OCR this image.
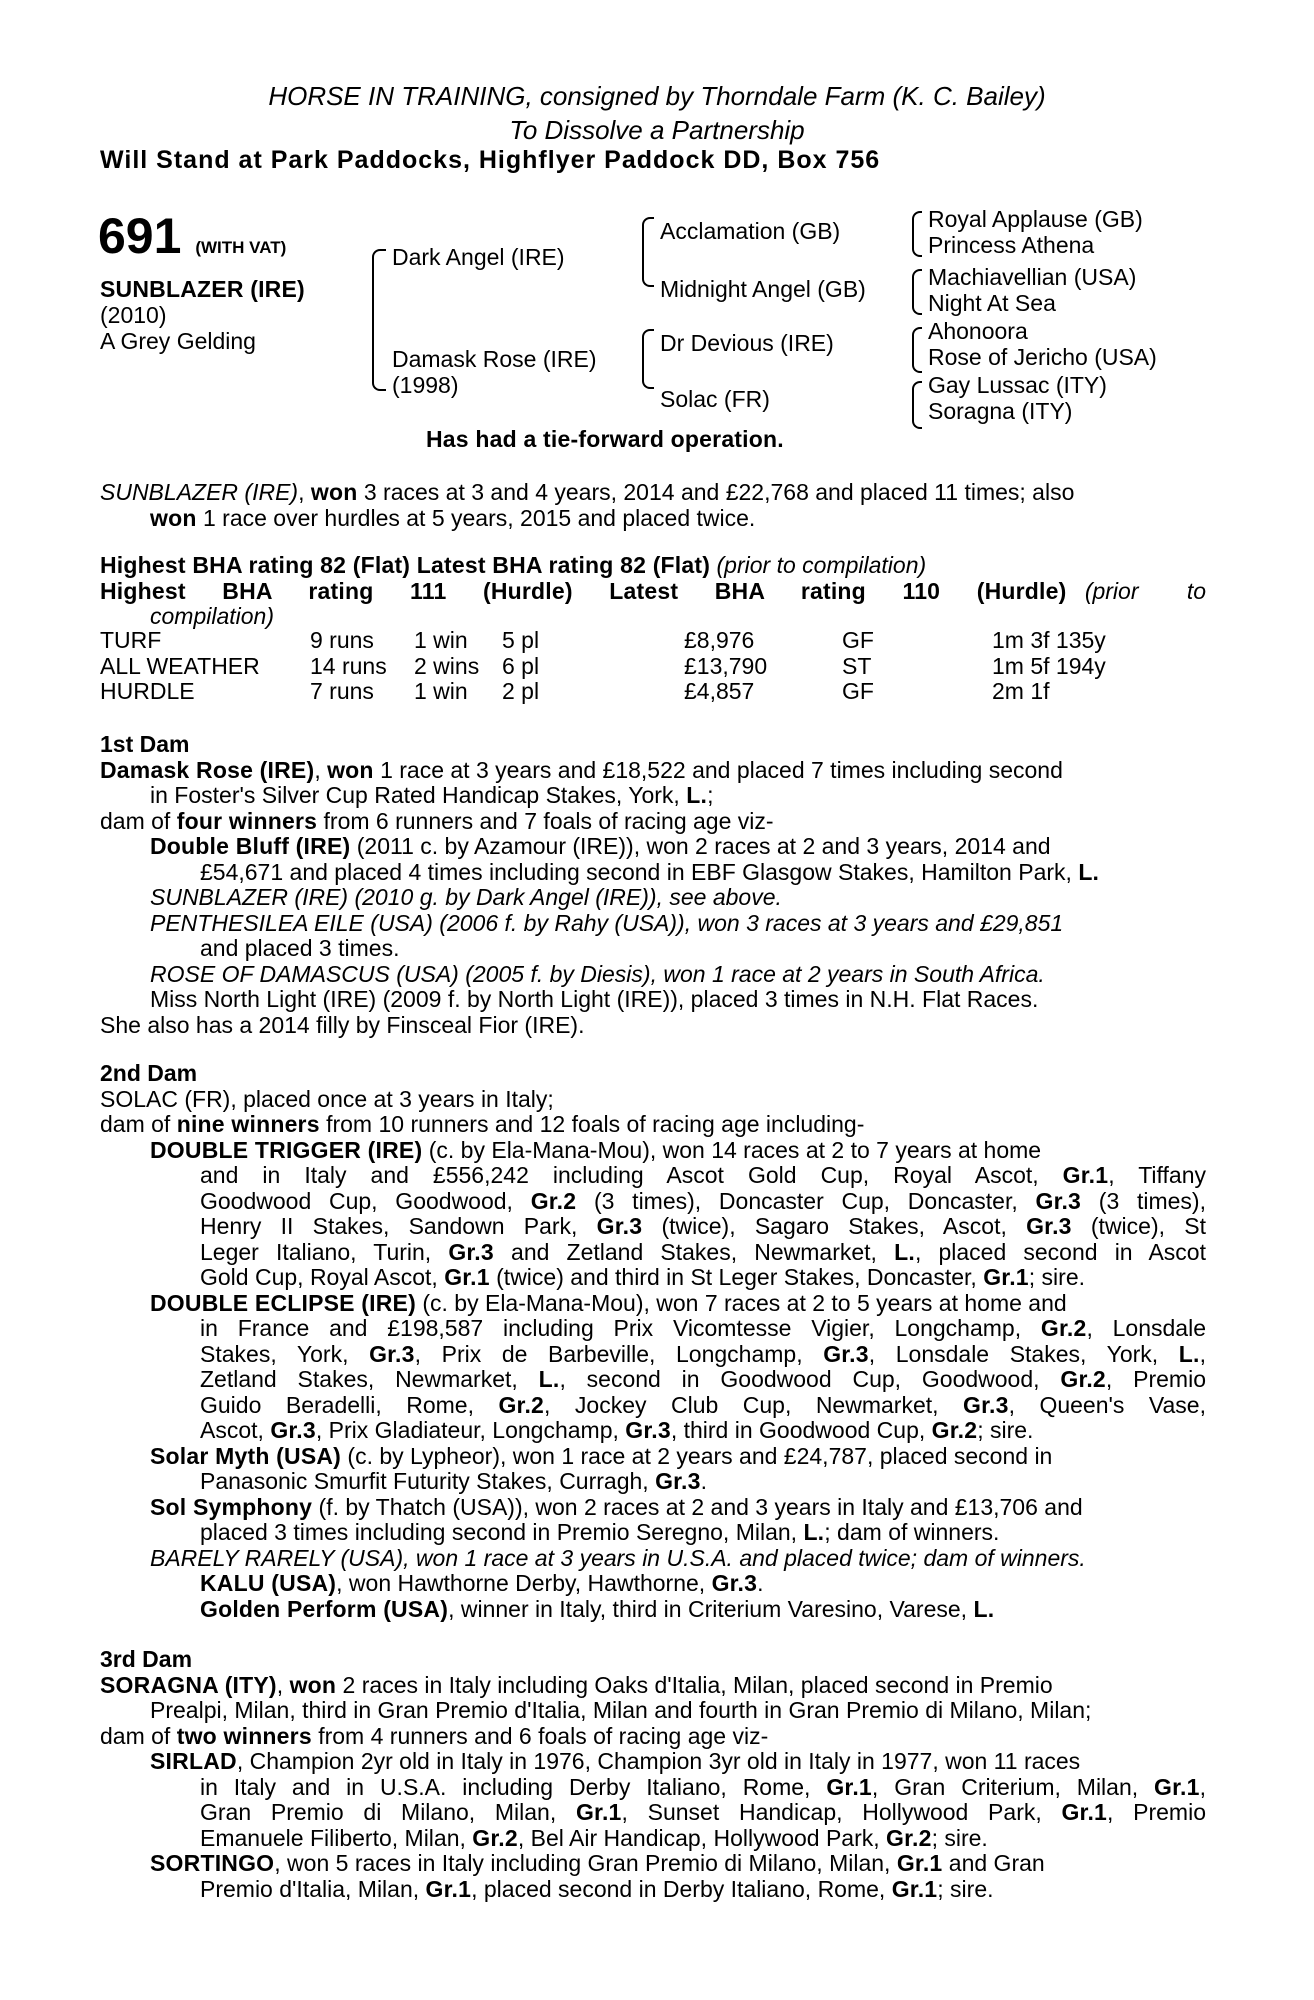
HORSE IN TRAINING, consigned by Thorndale Farm (K. C. Bailey)
To Dissolve a Partnership
Will Stand at Park Paddocks, Highflyer Paddock DD, Box 756
691 (WITH VAT)
SUNBLAZER (IRE)
(2010)
A Grey Gelding
Dark Angel (IRE)
Damask Rose (IRE)
(1998)
Acclamation (GB)
Midnight Angel (GB)
Dr Devious (IRE)
Solac (FR)
Royal Applause (GB)
Princess Athena
Machiavellian (USA)
Night At Sea
Ahonoora
Rose of Jericho (USA)
Gay Lussac (ITY)
Soragna (ITY)
Has had a tie-forward operation.
SUNBLAZER (IRE), won 3 races at 3 and 4 years, 2014 and £22,768 and placed 11 times; also
won 1 race over hurdles at 5 years, 2015 and placed twice.
Highest BHA rating 82 (Flat) Latest BHA rating 82 (Flat) (prior to compilation)
Highest BHA rating 111 (Hurdle) Latest BHA rating 110 (Hurdle) (prior to
compilation)
TURF	9 runs	1 win	5 pl	£8,976	GF	1m 3f 135y
ALL WEATHER	14 runs	2 wins	6 pl	£13,790	ST	1m 5f 194y
HURDLE	7 runs	1 win	2 pl	£4,857	GF	2m 1f
1st Dam
Damask Rose (IRE), won 1 race at 3 years and £18,522 and placed 7 times including second
in Foster's Silver Cup Rated Handicap Stakes, York, L.;
dam of four winners from 6 runners and 7 foals of racing age viz-
Double Bluff (IRE) (2011 c. by Azamour (IRE)), won 2 races at 2 and 3 years, 2014 and
£54,671 and placed 4 times including second in EBF Glasgow Stakes, Hamilton Park, L.
SUNBLAZER (IRE) (2010 g. by Dark Angel (IRE)), see above.
PENTHESILEA EILE (USA) (2006 f. by Rahy (USA)), won 3 races at 3 years and £29,851
and placed 3 times.
ROSE OF DAMASCUS (USA) (2005 f. by Diesis), won 1 race at 2 years in South Africa.
Miss North Light (IRE) (2009 f. by North Light (IRE)), placed 3 times in N.H. Flat Races.
She also has a 2014 filly by Finsceal Fior (IRE).
2nd Dam
SOLAC (FR), placed once at 3 years in Italy;
dam of nine winners from 10 runners and 12 foals of racing age including-
DOUBLE TRIGGER (IRE) (c. by Ela-Mana-Mou), won 14 races at 2 to 7 years at home
and in Italy and £556,242 including Ascot Gold Cup, Royal Ascot, Gr.1, Tiffany
Goodwood Cup, Goodwood, Gr.2 (3 times), Doncaster Cup, Doncaster, Gr.3 (3 times),
Henry II Stakes, Sandown Park, Gr.3 (twice), Sagaro Stakes, Ascot, Gr.3 (twice), St
Leger Italiano, Turin, Gr.3 and Zetland Stakes, Newmarket, L., placed second in Ascot
Gold Cup, Royal Ascot, Gr.1 (twice) and third in St Leger Stakes, Doncaster, Gr.1; sire.
DOUBLE ECLIPSE (IRE) (c. by Ela-Mana-Mou), won 7 races at 2 to 5 years at home and
in France and £198,587 including Prix Vicomtesse Vigier, Longchamp, Gr.2, Lonsdale
Stakes, York, Gr.3, Prix de Barbeville, Longchamp, Gr.3, Lonsdale Stakes, York, L.,
Zetland Stakes, Newmarket, L., second in Goodwood Cup, Goodwood, Gr.2, Premio
Guido Beradelli, Rome, Gr.2, Jockey Club Cup, Newmarket, Gr.3, Queen's Vase,
Ascot, Gr.3, Prix Gladiateur, Longchamp, Gr.3, third in Goodwood Cup, Gr.2; sire.
Solar Myth (USA) (c. by Lypheor), won 1 race at 2 years and £24,787, placed second in
Panasonic Smurfit Futurity Stakes, Curragh, Gr.3.
Sol Symphony (f. by Thatch (USA)), won 2 races at 2 and 3 years in Italy and £13,706 and
placed 3 times including second in Premio Seregno, Milan, L.; dam of winners.
BARELY RARELY (USA), won 1 race at 3 years in U.S.A. and placed twice; dam of winners.
KALU (USA), won Hawthorne Derby, Hawthorne, Gr.3.
Golden Perform (USA), winner in Italy, third in Criterium Varesino, Varese, L.
3rd Dam
SORAGNA (ITY), won 2 races in Italy including Oaks d'Italia, Milan, placed second in Premio
Prealpi, Milan, third in Gran Premio d'Italia, Milan and fourth in Gran Premio di Milano, Milan;
dam of two winners from 4 runners and 6 foals of racing age viz-
SIRLAD, Champion 2yr old in Italy in 1976, Champion 3yr old in Italy in 1977, won 11 races
in Italy and in U.S.A. including Derby Italiano, Rome, Gr.1, Gran Criterium, Milan, Gr.1,
Gran Premio di Milano, Milan, Gr.1, Sunset Handicap, Hollywood Park, Gr.1, Premio
Emanuele Filiberto, Milan, Gr.2, Bel Air Handicap, Hollywood Park, Gr.2; sire.
SORTINGO, won 5 races in Italy including Gran Premio di Milano, Milan, Gr.1 and Gran
Premio d'Italia, Milan, Gr.1, placed second in Derby Italiano, Rome, Gr.1; sire.
